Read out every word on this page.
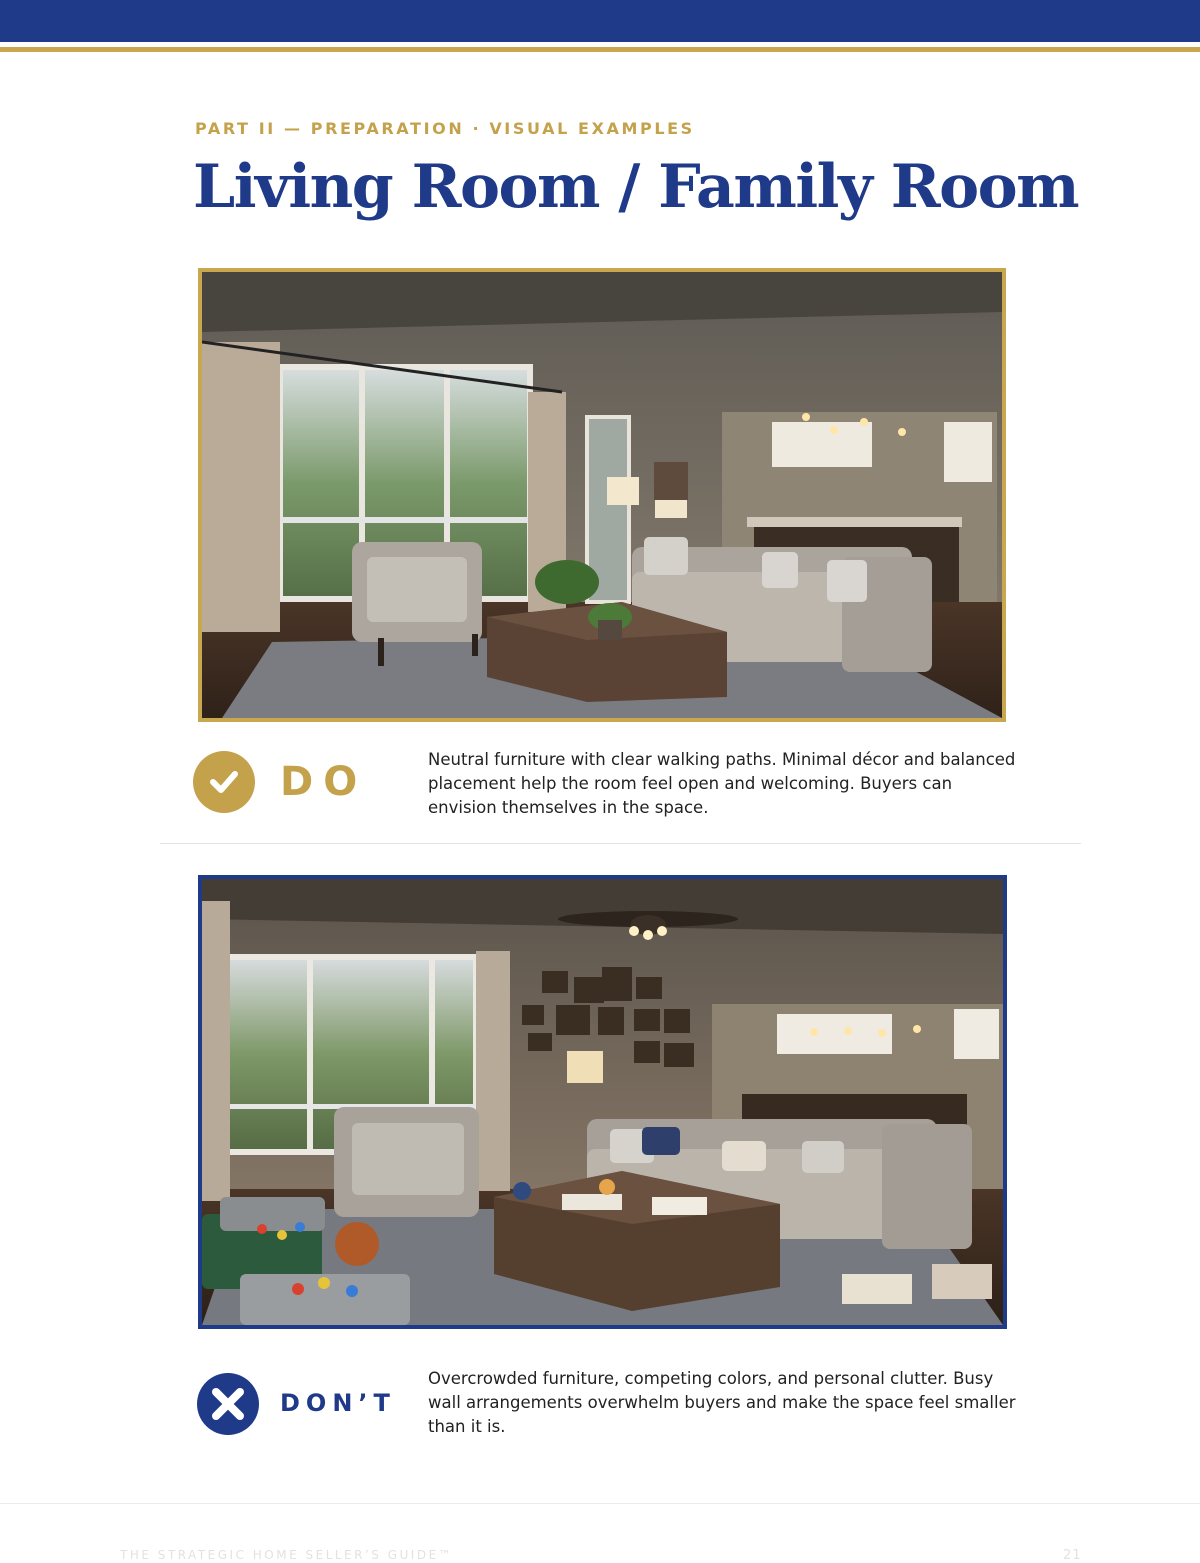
PART II — PREPARATION · VISUAL EXAMPLES
Living Room / Family Room
DO	Neutral furniture with clear walking paths. Minimal décor and balanced placement help the room feel open and welcoming. Buyers can envision themselves in the space.

DON’T

Overcrowded furniture, competing colors, and personal clutter. Busy wall arrangements overwhelm buyers and make the space feel smaller than it is.

THE STRATEGIC HOME SELLER’S GUIDE™	21
